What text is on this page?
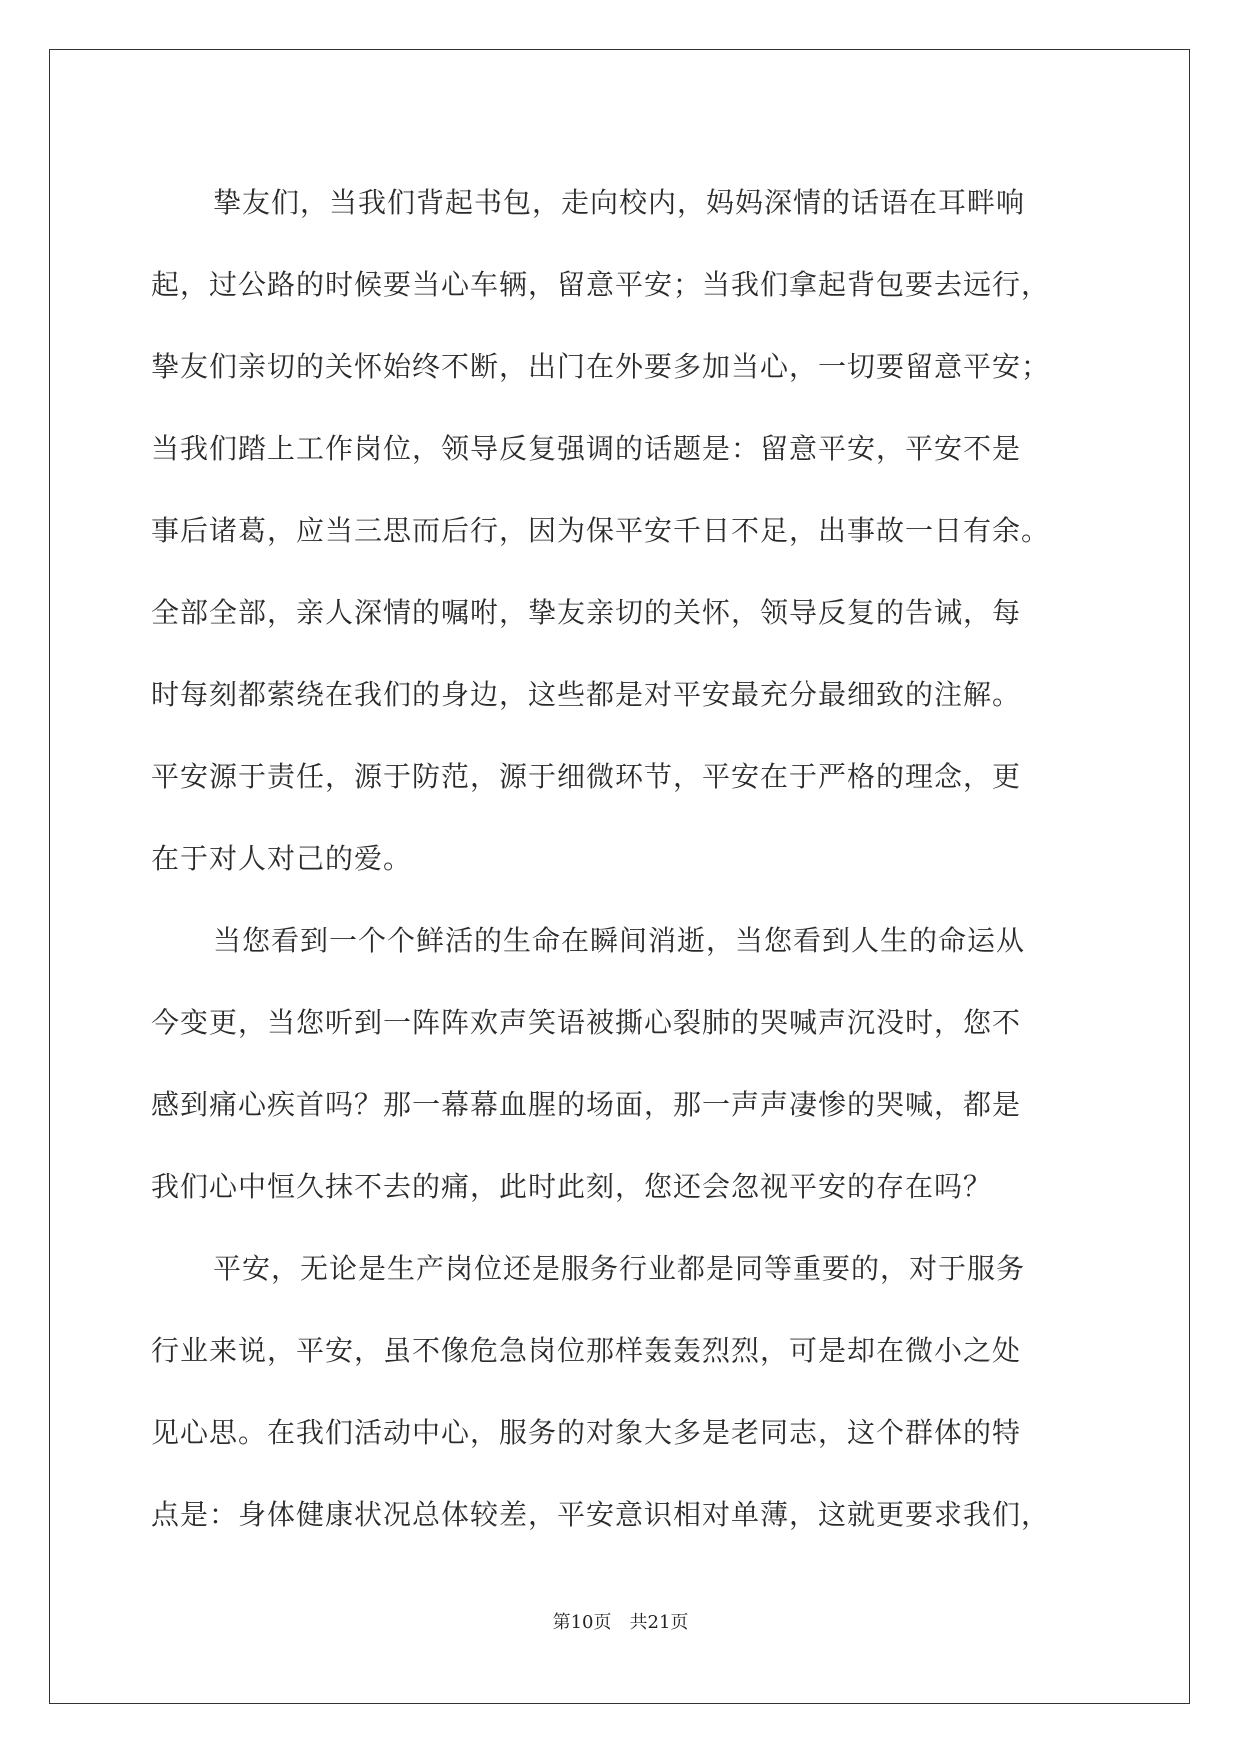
挚友们，当我们背起书包，走向校内，妈妈深情的话语在耳畔响
起，过公路的时候要当心车辆，留意平安；当我们拿起背包要去远行，
挚友们亲切的关怀始终不断，出门在外要多加当心，一切要留意平安；
当我们踏上工作岗位，领导反复强调的话题是：留意平安，平安不是
事后诸葛，应当三思而后行，因为保平安千日不足，出事故一日有余。
全部全部，亲人深情的嘱咐，挚友亲切的关怀，领导反复的告诫，每
时每刻都萦绕在我们的身边，这些都是对平安最充分最细致的注解。
平安源于责任，源于防范，源于细微环节，平安在于严格的理念，更
在于对人对己的爱。

当您看到一个个鲜活的生命在瞬间消逝，当您看到人生的命运从
今变更，当您听到一阵阵欢声笑语被撕心裂肺的哭喊声沉没时，您不
感到痛心疾首吗？那一幕幕血腥的场面，那一声声凄惨的哭喊，都是
我们心中恒久抹不去的痛，此时此刻，您还会忽视平安的存在吗？

平安，无论是生产岗位还是服务行业都是同等重要的，对于服务
行业来说，平安，虽不像危急岗位那样轰轰烈烈，可是却在微小之处
见心思。在我们活动中心，服务的对象大多是老同志，这个群体的特
点是：身体健康状况总体较差，平安意识相对单薄，这就更要求我们，

第10页 共21页
